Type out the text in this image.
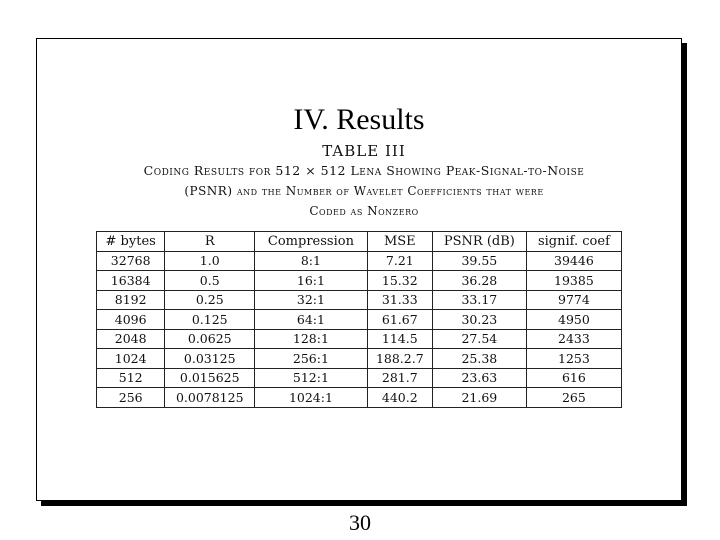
IV. Results
TABLE III
Coding Results for 512 × 512 Lena Showing Peak-Signal-to-Noise
(PSNR) and the Number of Wavelet Coefficients that were
Coded as Nonzero
# bytes	R	Compression	MSE	PSNR (dB)	signif. coef
32768	1.0	8:1	7.21	39.55	39446
16384	0.5	16:1	15.32	36.28	19385
8192	0.25	32:1	31.33	33.17	9774
4096	0.125	64:1	61.67	30.23	4950
2048	0.0625	128:1	114.5	27.54	2433
1024	0.03125	256:1	188.2.7	25.38	1253
512	0.015625	512:1	281.7	23.63	616
256	0.0078125	1024:1	440.2	21.69	265
30
